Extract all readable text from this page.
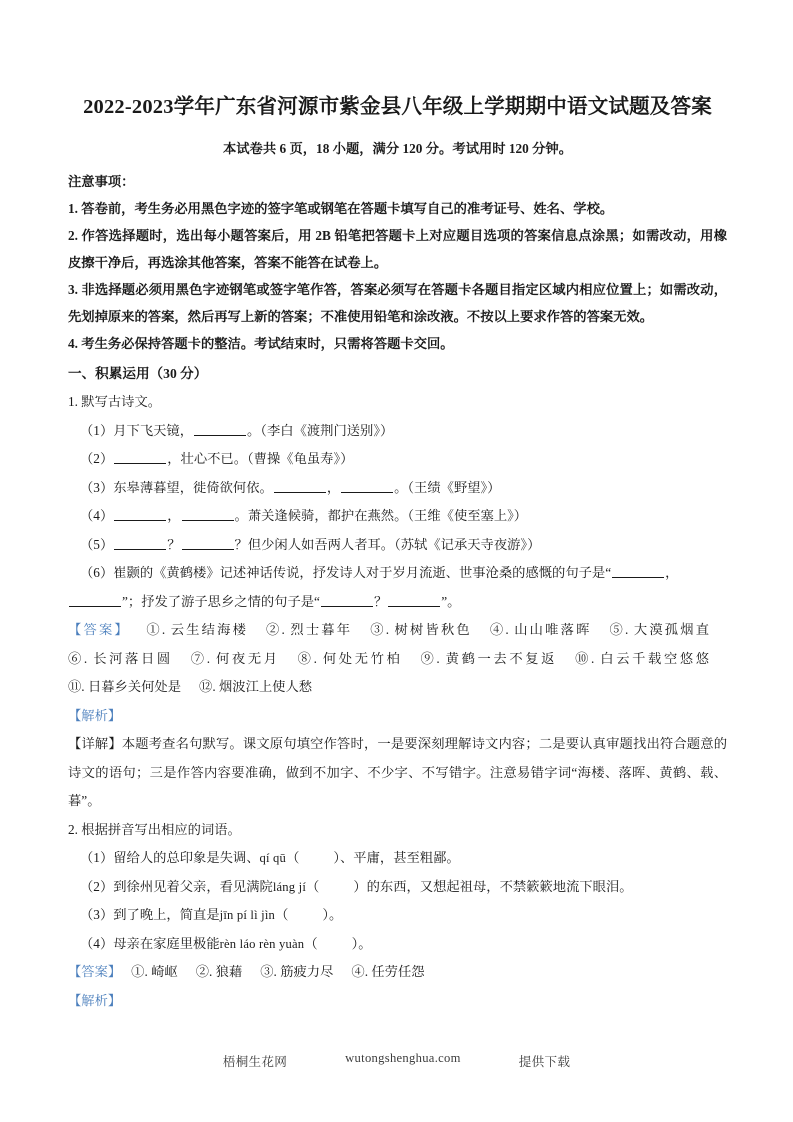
2022-2023学年广东省河源市紫金县八年级上学期期中语文试题及答案

本试卷共 6 页，18 小题，满分 120 分。考试用时 120 分钟。

注意事项：

1. 答卷前，考生务必用黑色字迹的签字笔或钢笔在答题卡填写自己的准考证号、姓名、学校。

2. 作答选择题时，选出每小题答案后，用 2B 铅笔把答题卡上对应题目选项的答案信息点涂黑；如需改动，用橡皮擦干净后，再选涂其他答案，答案不能答在试卷上。

3. 非选择题必须用黑色字迹钢笔或签字笔作答，答案必须写在答题卡各题目指定区域内相应位置上；如需改动，先划掉原来的答案，然后再写上新的答案；不准使用铅笔和涂改液。不按以上要求作答的答案无效。

4. 考生务必保持答题卡的整洁。考试结束时，只需将答题卡交回。

一、积累运用（30 分）

1. 默写古诗文。

（1）月下飞天镜，	。（李白《渡荆门送别》）

（2）	，壮心不已。（曹操《龟虽寿》）

（3）东皋薄暮望，徙倚欲何依。	，	。（王绩《野望》）

（4）	，	。萧关逢候骑，都护在燕然。（王维《使至塞上》）

（5）	？	？但少闲人如吾两人者耳。（苏轼《记承天寺夜游》）

（6）崔颢的《黄鹤楼》记述神话传说，抒发诗人对于岁月流逝、世事沧桑的感慨的句子是“	，

”；抒发了游子思乡之情的句子是“	？	”。

【答案】 ①. 云生结海楼 ②. 烈士暮年 ③. 树树皆秋色 ④. 山山唯落晖 ⑤. 大漠孤烟直⑥. 长河落日圆 ⑦. 何夜无月 ⑧. 何处无竹柏 ⑨. 黄鹤一去不复返 ⑩. 白云千载空悠悠⑪. 日暮乡关何处是 ⑫. 烟波江上使人愁

【解析】

【详解】本题考查名句默写。课文原句填空作答时，一是要深刻理解诗文内容；二是要认真审题找出符合题意的诗文的语句；三是作答内容要准确，做到不加字、不少字、不写错字。注意易错字词“海楼、落晖、黄鹤、载、暮”。

2. 根据拼音写出相应的词语。

（1）留给人的总印象是失调、qí qū（	）、平庸，甚至粗鄙。

（2）到徐州见着父亲，看见满院láng jí（	）的东西，又想起祖母，不禁簌簌地流下眼泪。

（3）到了晚上，简直是jīn pí lì jìn（	）。

（4）母亲在家庭里极能rèn láo rèn yuàn（	）。

【答案】 ①. 崎岖 ②. 狼藉 ③. 筋疲力尽 ④. 任劳任怨

【解析】

梧桐生花网	wutongshenghua.com	提供下载
